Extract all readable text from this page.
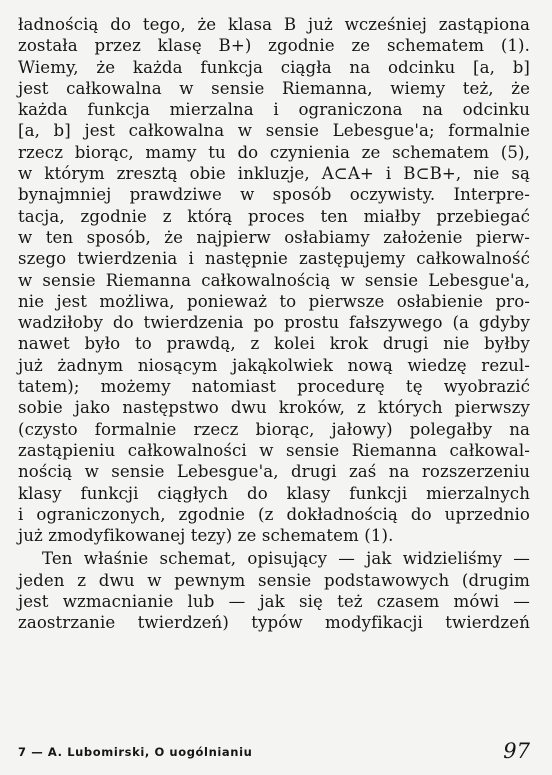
ładnością do tego, że klasa B już wcześniej zastąpiona
została przez klasę B+) zgodnie ze schematem (1).
Wiemy, że każda funkcja ciągła na odcinku [a, b]
jest całkowalna w sensie Riemanna, wiemy też, że
każda funkcja mierzalna i ograniczona na odcinku
[a, b] jest całkowalna w sensie Lebesgue'a; formalnie
rzecz biorąc, mamy tu do czynienia ze schematem (5),
w którym zresztą obie inkluzje, A⊂A+ i B⊂B+, nie są
bynajmniej prawdziwe w sposób oczywisty. Interpre-
tacja, zgodnie z którą proces ten miałby przebiegać
w ten sposób, że najpierw osłabiamy założenie pierw-
szego twierdzenia i następnie zastępujemy całkowalność
w sensie Riemanna całkowalnością w sensie Lebesgue'a,
nie jest możliwa, ponieważ to pierwsze osłabienie pro-
wadziłoby do twierdzenia po prostu fałszywego (a gdyby
nawet było to prawdą, z kolei krok drugi nie byłby
już żadnym niosącym jakąkolwiek nową wiedzę rezul-
tatem); możemy natomiast procedurę tę wyobrazić
sobie jako następstwo dwu kroków, z których pierwszy
(czysto formalnie rzecz biorąc, jałowy) polegałby na
zastąpieniu całkowalności w sensie Riemanna całkowal-
nością w sensie Lebesgue'a, drugi zaś na rozszerzeniu
klasy funkcji ciągłych do klasy funkcji mierzalnych
i ograniczonych, zgodnie (z dokładnością do uprzednio
już zmodyfikowanej tezy) ze schematem (1).
Ten właśnie schemat, opisujący — jak widzieliśmy —
jeden z dwu w pewnym sensie podstawowych (drugim
jest wzmacnianie lub — jak się też czasem mówi —
zaostrzanie twierdzeń) typów modyfikacji twierdzeń
7 — A. Lubomirski, O uogólnianiu	97
